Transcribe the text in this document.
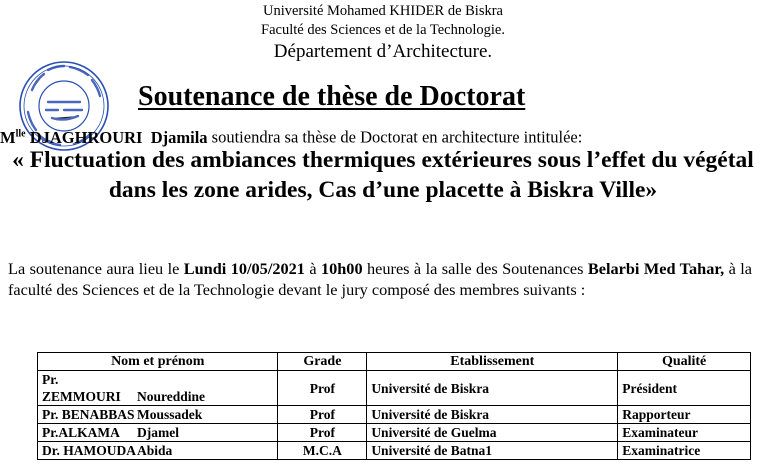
Université Mohamed KHIDER de Biskra
Faculté des Sciences et de la Technologie.
Département d’Architecture.
Soutenance de thèse de Doctorat
$M^{lle}$ DJAGHROURI Djamila soutiendra sa thèse de Doctorat en architecture intitulée:
« Fluctuation des ambiances thermiques extérieures sous l’effet du végétal dans les zone arides, Cas d’une placette à Biskra Ville»
La soutenance aura lieu le Lundi 10/05/2021 à 10h00 heures à la salle des Soutenances Belarbi Med Tahar, à la faculté des Sciences et de la Technologie devant le jury composé des membres suivants :
Nom et prénom	Grade	Etablissement	Qualité
Pr. ZEMMOURI Noureddine	Prof	Université de Biskra	Président
Pr. BENABBAS Moussadek	Prof	Université de Biskra	Rapporteur
Pr.ALKAMA Djamel	Prof	Université de Guelma	Examinateur
Dr. HAMOUDAAbida	M.C.A	Université de Batna1	Examinatrice
